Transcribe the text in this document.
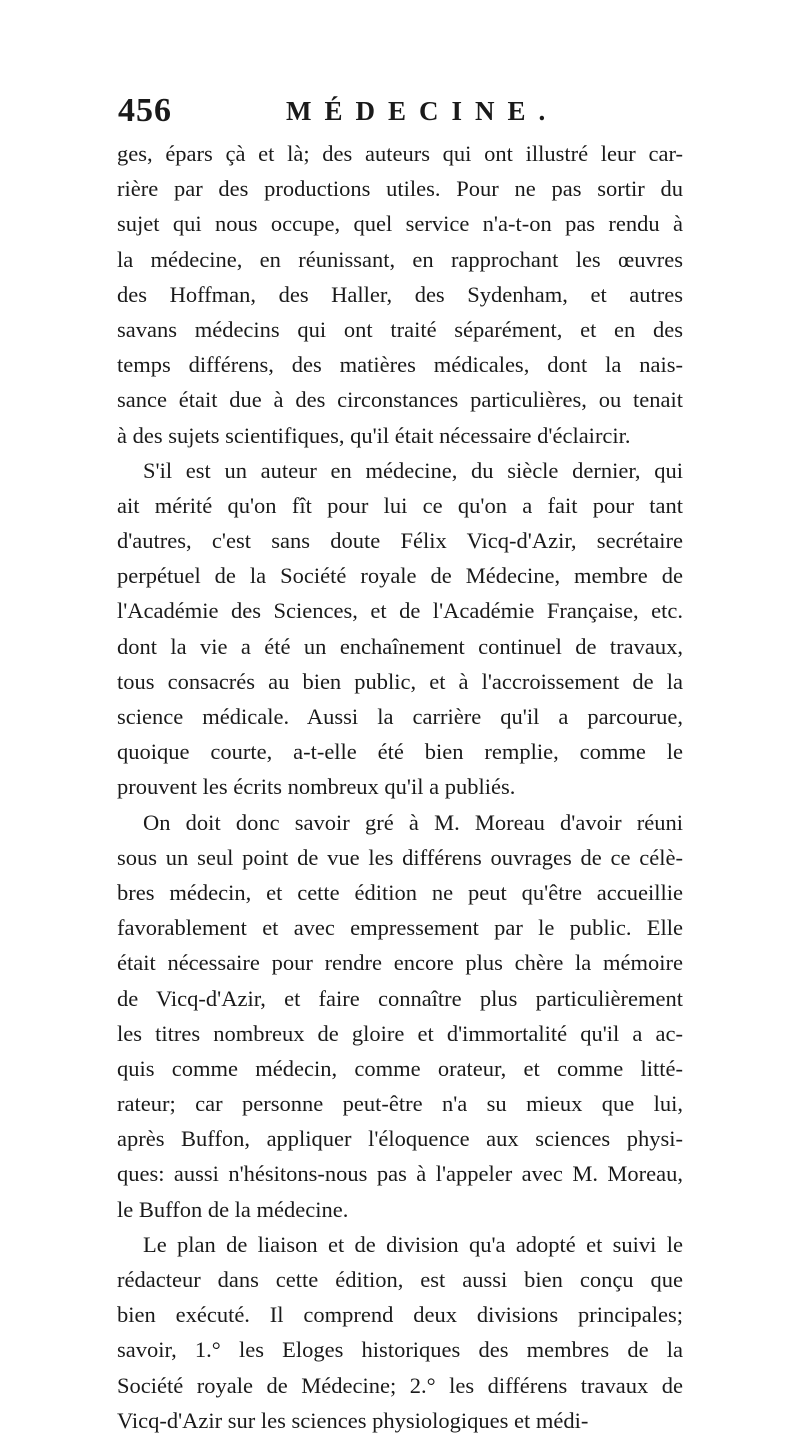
456	MÉDECINE.
ges, épars çà et là; des auteurs qui ont illustré leur car-
rière par des productions utiles. Pour ne pas sortir du
sujet qui nous occupe, quel service n'a-t-on pas rendu à
la médecine, en réunissant, en rapprochant les œuvres
des Hoffman, des Haller, des Sydenham, et autres
savans médecins qui ont traité séparément, et en des
temps différens, des matières médicales, dont la nais-
sance était due à des circonstances particulières, ou tenait
à des sujets scientifiques, qu'il était nécessaire d'éclaircir.
S'il est un auteur en médecine, du siècle dernier, qui
ait mérité qu'on fît pour lui ce qu'on a fait pour tant
d'autres, c'est sans doute Félix Vicq-d'Azir, secrétaire
perpétuel de la Société royale de Médecine, membre de
l'Académie des Sciences, et de l'Académie Française, etc.
dont la vie a été un enchaînement continuel de travaux,
tous consacrés au bien public, et à l'accroissement de la
science médicale. Aussi la carrière qu'il a parcourue,
quoique courte, a-t-elle été bien remplie, comme le
prouvent les écrits nombreux qu'il a publiés.
On doit donc savoir gré à M. Moreau d'avoir réuni
sous un seul point de vue les différens ouvrages de ce célè-
bres médecin, et cette édition ne peut qu'être accueillie
favorablement et avec empressement par le public. Elle
était nécessaire pour rendre encore plus chère la mémoire
de Vicq-d'Azir, et faire connaître plus particulièrement
les titres nombreux de gloire et d'immortalité qu'il a ac-
quis comme médecin, comme orateur, et comme litté-
rateur; car personne peut-être n'a su mieux que lui,
après Buffon, appliquer l'éloquence aux sciences physi-
ques: aussi n'hésitons-nous pas à l'appeler avec M. Moreau,
le Buffon de la médecine.
Le plan de liaison et de division qu'a adopté et suivi le
rédacteur dans cette édition, est aussi bien conçu que
bien exécuté. Il comprend deux divisions principales;
savoir, 1.° les Eloges historiques des membres de la
Société royale de Médecine; 2.° les différens travaux de
Vicq-d'Azir sur les sciences physiologiques et médi-
